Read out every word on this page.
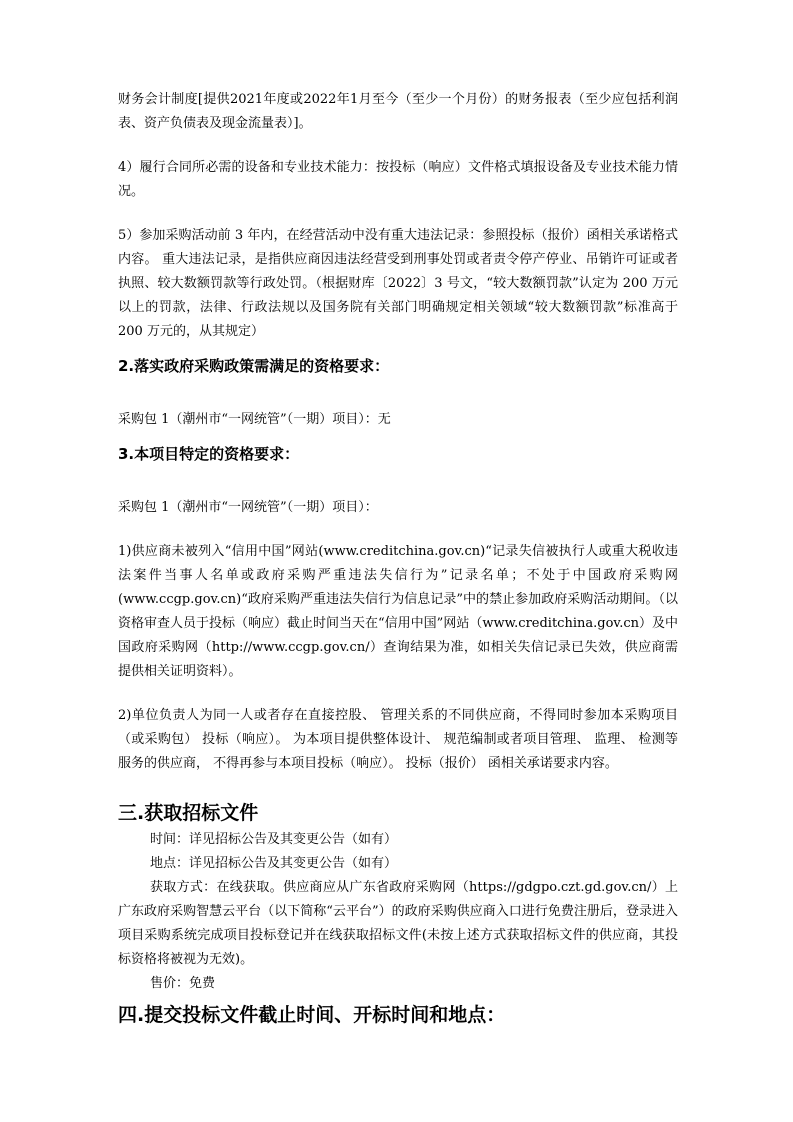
财务会计制度[提供2021年度或2022年1月至今（至少一个月份）的财务报表（至少应包括利润表、资产负债表及现金流量表）]。

4）履行合同所必需的设备和专业技术能力：按投标（响应）文件格式填报设备及专业技术能力情况。

5）参加采购活动前 3 年内，在经营活动中没有重大违法记录：参照投标（报价）函相关承诺格式内容。 重大违法记录，是指供应商因违法经营受到刑事处罚或者责令停产停业、吊销许可证或者执照、较大数额罚款等行政处罚。（根据财库〔2022〕3 号文，“较大数额罚款”认定为 200 万元以上的罚款，法律、行政法规以及国务院有关部门明确规定相关领域“较大数额罚款”标准高于 200 万元的，从其规定）

2.落实政府采购政策需满足的资格要求：

采购包 1（潮州市“一网统管”（一期）项目）：无

3.本项目特定的资格要求：

采购包 1（潮州市“一网统管”（一期）项目）：

1)供应商未被列入“信用中国”网站(www.creditchina.gov.cn)“记录失信被执行人或重大税收违法案件当事人名单或政府采购严重违法失信行为”记录名单；不处于中国政府采购网(www.ccgp.gov.cn)“政府采购严重违法失信行为信息记录”中的禁止参加政府采购活动期间。（以资格审查人员于投标（响应）截止时间当天在“信用中国”网站（www.creditchina.gov.cn）及中国政府采购网（http://www.ccgp.gov.cn/）查询结果为准，如相关失信记录已失效，供应商需提供相关证明资料）。

2)单位负责人为同一人或者存在直接控股、 管理关系的不同供应商，不得同时参加本采购项目（或采购包） 投标（响应）。 为本项目提供整体设计、 规范编制或者项目管理、 监理、 检测等服务的供应商， 不得再参与本项目投标（响应）。 投标（报价） 函相关承诺要求内容。

三.获取招标文件

时间：详见招标公告及其变更公告（如有）

地点：详见招标公告及其变更公告（如有）

获取方式：在线获取。供应商应从广东省政府采购网（https://gdgpo.czt.gd.gov.cn/）上广东政府采购智慧云平台（以下简称“云平台”）的政府采购供应商入口进行免费注册后，登录进入项目采购系统完成项目投标登记并在线获取招标文件(未按上述方式获取招标文件的供应商，其投标资格将被视为无效)。

售价：免费

四.提交投标文件截止时间、开标时间和地点：
